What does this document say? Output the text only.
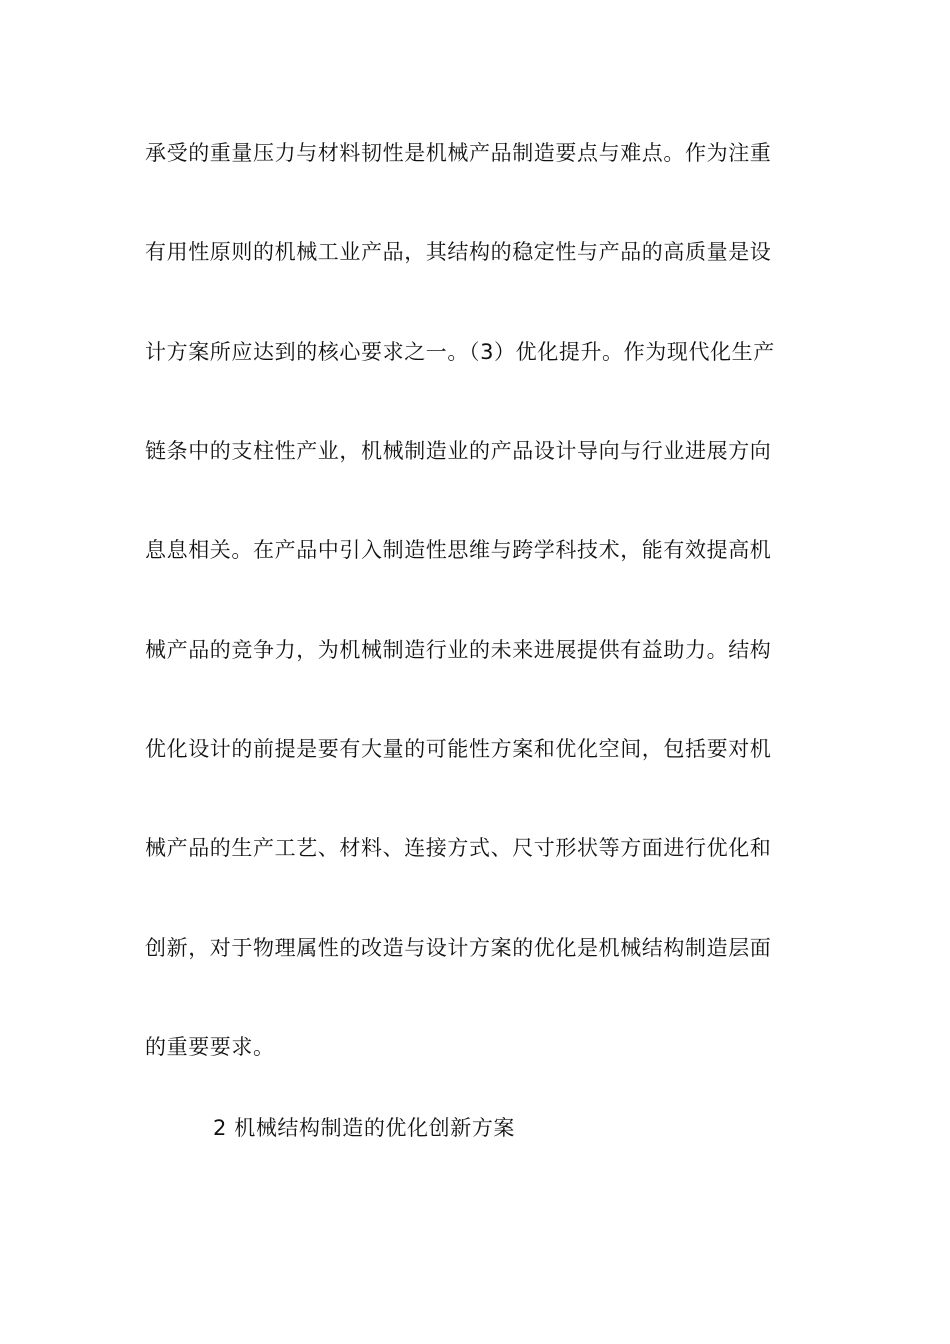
承受的重量压力与材料韧性是机械产品制造要点与难点。作为注重
有用性原则的机械工业产品，其结构的稳定性与产品的高质量是设
计方案所应达到的核心要求之一。（3）优化提升。作为现代化生产
链条中的支柱性产业，机械制造业的产品设计导向与行业进展方向
息息相关。在产品中引入制造性思维与跨学科技术，能有效提高机
械产品的竞争力，为机械制造行业的未来进展提供有益助力。结构
优化设计的前提是要有大量的可能性方案和优化空间，包括要对机
械产品的生产工艺、材料、连接方式、尺寸形状等方面进行优化和
创新，对于物理属性的改造与设计方案的优化是机械结构制造层面
的重要要求。
2 机械结构制造的优化创新方案
